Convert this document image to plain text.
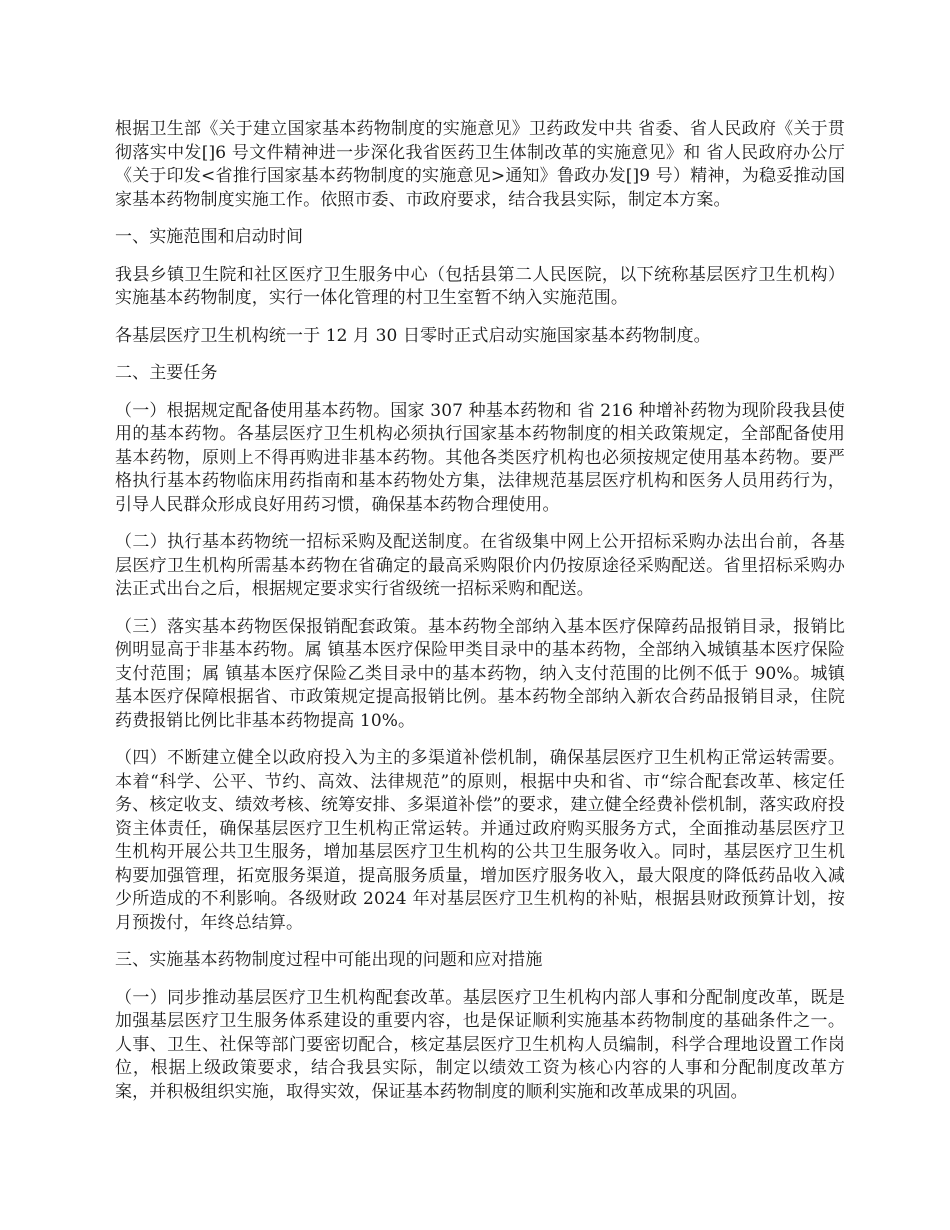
根据卫生部《关于建立国家基本药物制度的实施意见》卫药政发中共 省委、省人民政府《关于贯彻落实中发[]6 号文件精神进一步深化我省医药卫生体制改革的实施意见》和 省人民政府办公厅《关于印发<省推行国家基本药物制度的实施意见>通知》鲁政办发[]9 号）精神，为稳妥推动国家基本药物制度实施工作。依照市委、市政府要求，结合我县实际，制定本方案。

一、实施范围和启动时间

我县乡镇卫生院和社区医疗卫生服务中心（包括县第二人民医院，以下统称基层医疗卫生机构）实施基本药物制度，实行一体化管理的村卫生室暂不纳入实施范围。

各基层医疗卫生机构统一于 12 月 30 日零时正式启动实施国家基本药物制度。

二、主要任务

（一）根据规定配备使用基本药物。国家 307 种基本药物和 省 216 种增补药物为现阶段我县使用的基本药物。各基层医疗卫生机构必须执行国家基本药物制度的相关政策规定，全部配备使用基本药物，原则上不得再购进非基本药物。其他各类医疗机构也必须按规定使用基本药物。要严格执行基本药物临床用药指南和基本药物处方集，法律规范基层医疗机构和医务人员用药行为，引导人民群众形成良好用药习惯，确保基本药物合理使用。

（二）执行基本药物统一招标采购及配送制度。在省级集中网上公开招标采购办法出台前，各基层医疗卫生机构所需基本药物在省确定的最高采购限价内仍按原途径采购配送。省里招标采购办法正式出台之后，根据规定要求实行省级统一招标采购和配送。

（三）落实基本药物医保报销配套政策。基本药物全部纳入基本医疗保障药品报销目录，报销比例明显高于非基本药物。属 镇基本医疗保险甲类目录中的基本药物，全部纳入城镇基本医疗保险支付范围；属 镇基本医疗保险乙类目录中的基本药物，纳入支付范围的比例不低于 90%。城镇基本医疗保障根据省、市政策规定提高报销比例。基本药物全部纳入新农合药品报销目录，住院药费报销比例比非基本药物提高 10%。

（四）不断建立健全以政府投入为主的多渠道补偿机制，确保基层医疗卫生机构正常运转需要。本着“科学、公平、节约、高效、法律规范”的原则，根据中央和省、市“综合配套改革、核定任务、核定收支、绩效考核、统筹安排、多渠道补偿”的要求，建立健全经费补偿机制，落实政府投资主体责任，确保基层医疗卫生机构正常运转。并通过政府购买服务方式，全面推动基层医疗卫生机构开展公共卫生服务，增加基层医疗卫生机构的公共卫生服务收入。同时，基层医疗卫生机构要加强管理，拓宽服务渠道，提高服务质量，增加医疗服务收入，最大限度的降低药品收入减少所造成的不利影响。各级财政 2024 年对基层医疗卫生机构的补贴，根据县财政预算计划，按月预拨付，年终总结算。

三、实施基本药物制度过程中可能出现的问题和应对措施

（一）同步推动基层医疗卫生机构配套改革。基层医疗卫生机构内部人事和分配制度改革，既是加强基层医疗卫生服务体系建设的重要内容，也是保证顺利实施基本药物制度的基础条件之一。人事、卫生、社保等部门要密切配合，核定基层医疗卫生机构人员编制，科学合理地设置工作岗位，根据上级政策要求，结合我县实际，制定以绩效工资为核心内容的人事和分配制度改革方案，并积极组织实施，取得实效，保证基本药物制度的顺利实施和改革成果的巩固。
